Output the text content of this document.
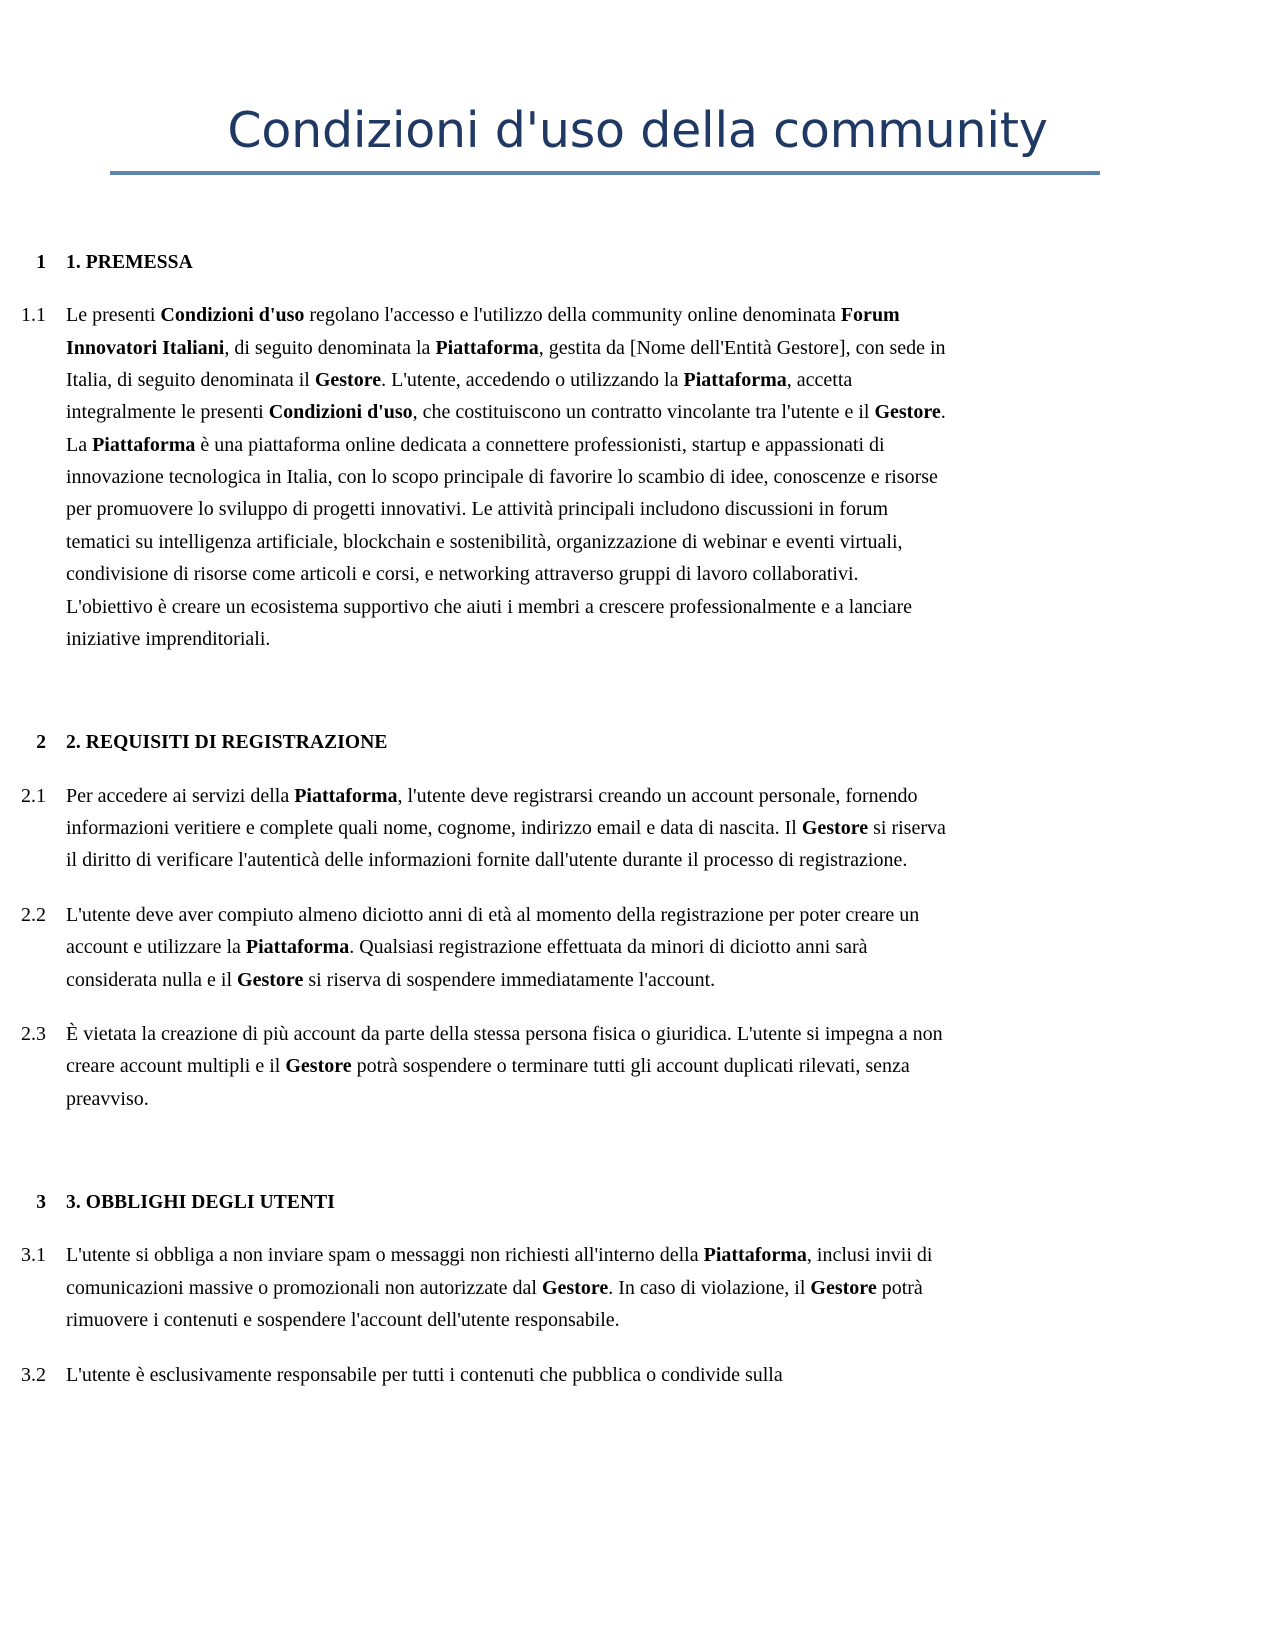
Condizioni d'uso della community
1	1. PREMESSA
1.1	Le presenti Condizioni d'uso regolano l'accesso e l'utilizzo della community online denominata Forum Innovatori Italiani, di seguito denominata la Piattaforma, gestita da [Nome dell'Entità Gestore], con sede in Italia, di seguito denominata il Gestore. L'utente, accedendo o utilizzando la Piattaforma, accetta integralmente le presenti Condizioni d'uso, che costituiscono un contratto vincolante tra l'utente e il Gestore. La Piattaforma è una piattaforma online dedicata a connettere professionisti, startup e appassionati di innovazione tecnologica in Italia, con lo scopo principale di favorire lo scambio di idee, conoscenze e risorse per promuovere lo sviluppo di progetti innovativi. Le attività principali includono discussioni in forum tematici su intelligenza artificiale, blockchain e sostenibilità, organizzazione di webinar e eventi virtuali, condivisione di risorse come articoli e corsi, e networking attraverso gruppi di lavoro collaborativi. L'obiettivo è creare un ecosistema supportivo che aiuti i membri a crescere professionalmente e a lanciare iniziative imprenditoriali.
2	2. REQUISITI DI REGISTRAZIONE
2.1	Per accedere ai servizi della Piattaforma, l'utente deve registrarsi creando un account personale, fornendo informazioni veritiere e complete quali nome, cognome, indirizzo email e data di nascita. Il Gestore si riserva il diritto di verificare l'autenticà delle informazioni fornite dall'utente durante il processo di registrazione.
2.2	L'utente deve aver compiuto almeno diciotto anni di età al momento della registrazione per poter creare un account e utilizzare la Piattaforma. Qualsiasi registrazione effettuata da minori di diciotto anni sarà considerata nulla e il Gestore si riserva di sospendere immediatamente l'account.
2.3	È vietata la creazione di più account da parte della stessa persona fisica o giuridica. L'utente si impegna a non creare account multipli e il Gestore potrà sospendere o terminare tutti gli account duplicati rilevati, senza preavviso.
3	3. OBBLIGHI DEGLI UTENTI
3.1	L'utente si obbliga a non inviare spam o messaggi non richiesti all'interno della Piattaforma, inclusi invii di comunicazioni massive o promozionali non autorizzate dal Gestore. In caso di violazione, il Gestore potrà rimuovere i contenuti e sospendere l'account dell'utente responsabile.
3.2	L'utente è esclusivamente responsabile per tutti i contenuti che pubblica o condivide sulla
